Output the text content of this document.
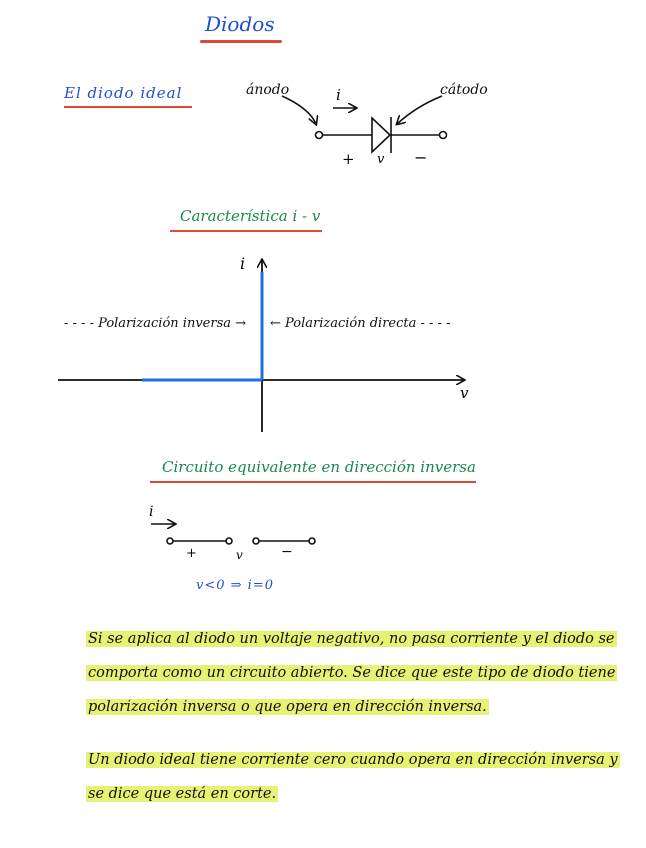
Diodos
El diodo ideal	ánodo	cátodo
i
+ v −
Característica i - v
i
v
- - - - Polarización inversa → ← Polarización directa - - - -
Circuito equivalente en dirección inversa
i
+	v	−
v<0 ⇒ i=0
Si se aplica al diodo un voltaje negativo, no pasa corriente y el diodo se comporta como un circuito abierto. Se dice que este tipo de diodo tiene polarización inversa o que opera en dirección inversa.
Un diodo ideal tiene corriente cero cuando opera en dirección inversa y se dice que está en corte.
